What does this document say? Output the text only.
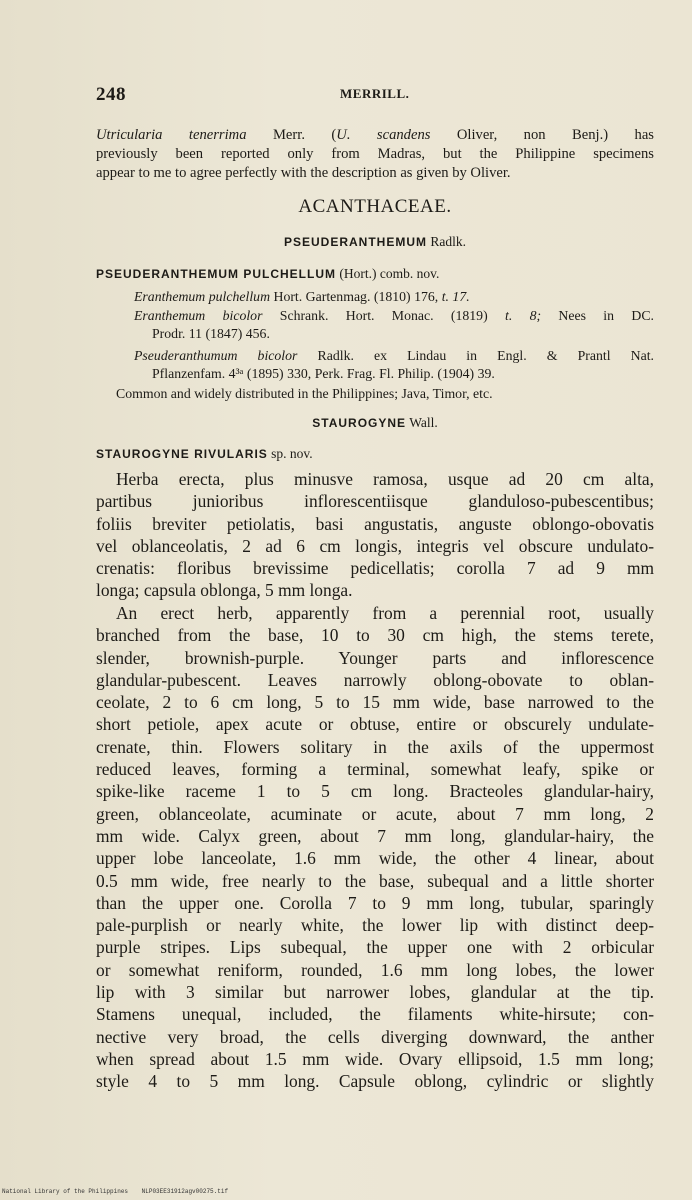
248	MERRILL.
Utricularia tenerrima Merr. (U. scandens Oliver, non Benj.) has
previously been reported only from Madras, but the Philippine specimens
appear to me to agree perfectly with the description as given by Oliver.
ACANTHACEAE.
PSEUDERANTHEMUM Radlk.
PSEUDERANTHEMUM PULCHELLUM (Hort.) comb. nov.
Eranthemum pulchellum Hort. Gartenmag. (1810) 176, t. 17.
Eranthemum bicolor Schrank. Hort. Monac. (1819) t. 8; Nees in DC.
Prodr. 11 (1847) 456.
Pseuderanthumum bicolor Radlk. ex Lindau in Engl. & Prantl Nat.
Pflanzenfam. 4³ᵃ (1895) 330, Perk. Frag. Fl. Philip. (1904) 39.
Common and widely distributed in the Philippines; Java, Timor, etc.
STAUROGYNE Wall.
STAUROGYNE RIVULARIS sp. nov.
Herba erecta, plus minusve ramosa, usque ad 20 cm alta,
partibus junioribus inflorescentiisque glanduloso-pubescentibus;
foliis breviter petiolatis, basi angustatis, anguste oblongo-obovatis
vel oblanceolatis, 2 ad 6 cm longis, integris vel obscure undulato-
crenatis: floribus brevissime pedicellatis; corolla 7 ad 9 mm
longa; capsula oblonga, 5 mm longa.
An erect herb, apparently from a perennial root, usually
branched from the base, 10 to 30 cm high, the stems terete,
slender, brownish-purple. Younger parts and inflorescence
glandular-pubescent. Leaves narrowly oblong-obovate to oblan-
ceolate, 2 to 6 cm long, 5 to 15 mm wide, base narrowed to the
short petiole, apex acute or obtuse, entire or obscurely undulate-
crenate, thin. Flowers solitary in the axils of the uppermost
reduced leaves, forming a terminal, somewhat leafy, spike or
spike-like raceme 1 to 5 cm long. Bracteoles glandular-hairy,
green, oblanceolate, acuminate or acute, about 7 mm long, 2
mm wide. Calyx green, about 7 mm long, glandular-hairy, the
upper lobe lanceolate, 1.6 mm wide, the other 4 linear, about
0.5 mm wide, free nearly to the base, subequal and a little shorter
than the upper one. Corolla 7 to 9 mm long, tubular, sparingly
pale-purplish or nearly white, the lower lip with distinct deep-
purple stripes. Lips subequal, the upper one with 2 orbicular
or somewhat reniform, rounded, 1.6 mm long lobes, the lower
lip with 3 similar but narrower lobes, glandular at the tip.
Stamens unequal, included, the filaments white-hirsute; con-
nective very broad, the cells diverging downward, the anther
when spread about 1.5 mm wide. Ovary ellipsoid, 1.5 mm long;
style 4 to 5 mm long. Capsule oblong, cylindric or slightly
National Library of the Philippines NLP03EE31912agv00275.tif
